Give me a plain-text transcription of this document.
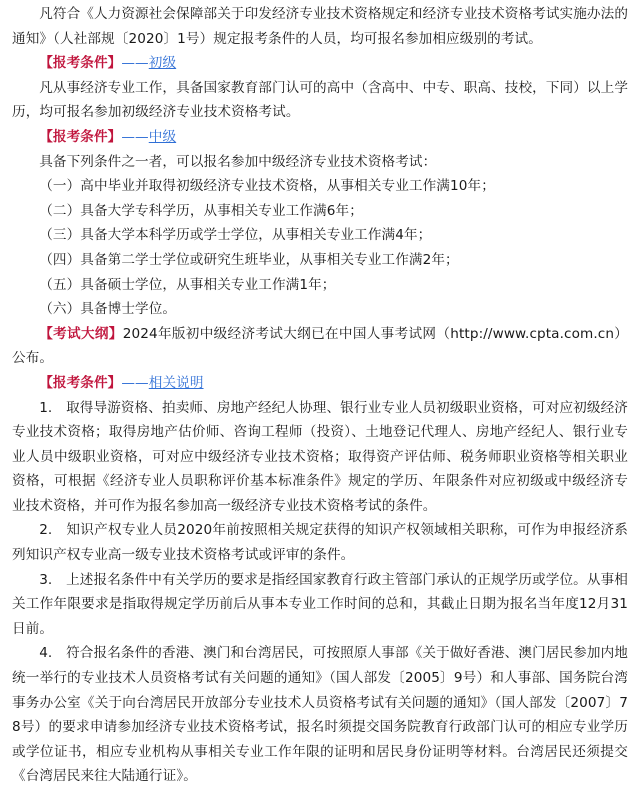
凡符合《人力资源社会保障部关于印发经济专业技术资格规定和经济专业技术资格考试实施办法的通知》（人社部规〔2020〕1号）规定报考条件的人员，均可报名参加相应级别的考试。

【报考条件】——初级

凡从事经济专业工作，具备国家教育部门认可的高中（含高中、中专、职高、技校，下同）以上学历，均可报名参加初级经济专业技术资格考试。

【报考条件】——中级

具备下列条件之一者，可以报名参加中级经济专业技术资格考试：

（一）高中毕业并取得初级经济专业技术资格，从事相关专业工作满10年；

（二）具备大学专科学历，从事相关专业工作满6年；

（三）具备大学本科学历或学士学位，从事相关专业工作满4年；

（四）具备第二学士学位或研究生班毕业，从事相关专业工作满2年；

（五）具备硕士学位，从事相关专业工作满1年；

（六）具备博士学位。

【考试大纲】2024年版初中级经济考试大纲已在中国人事考试网（http://www.cpta.com.cn）公布。

【报考条件】——相关说明

1.　取得导游资格、拍卖师、房地产经纪人协理、银行业专业人员初级职业资格，可对应初级经济专业技术资格；取得房地产估价师、咨询工程师（投资）、土地登记代理人、房地产经纪人、银行业专业人员中级职业资格，可对应中级经济专业技术资格；取得资产评估师、税务师职业资格等相关职业资格，可根据《经济专业人员职称评价基本标准条件》规定的学历、年限条件对应初级或中级经济专业技术资格，并可作为报名参加高一级经济专业技术资格考试的条件。

2.　知识产权专业人员2020年前按照相关规定获得的知识产权领域相关职称，可作为申报经济系列知识产权专业高一级专业技术资格考试或评审的条件。

3.　上述报名条件中有关学历的要求是指经国家教育行政主管部门承认的正规学历或学位。从事相关工作年限要求是指取得规定学历前后从事本专业工作时间的总和，其截止日期为报名当年度12月31日前。

4.　符合报名条件的香港、澳门和台湾居民，可按照原人事部《关于做好香港、澳门居民参加内地统一举行的专业技术人员资格考试有关问题的通知》（国人部发〔2005〕9号）和人事部、国务院台湾事务办公室《关于向台湾居民开放部分专业技术人员资格考试有关问题的通知》（国人部发〔2007〕78号）的要求申请参加经济专业技术资格考试，报名时须提交国务院教育行政部门认可的相应专业学历或学位证书，相应专业机构从事相关专业工作年限的证明和居民身份证明等材料。台湾居民还须提交《台湾居民来往大陆通行证》。
